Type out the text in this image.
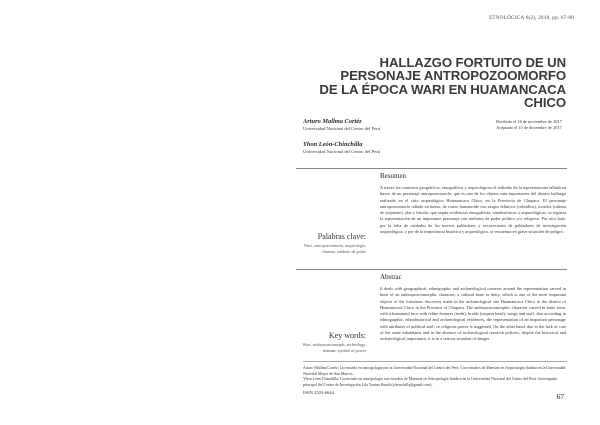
ETNOLÓGICA 6(2), 2018, pp. 67-80
HALLAZGO FORTUITO DE UN
PERSONAJE ANTROPOZOOMORFO
DE LA ÉPOCA WARI EN HUAMANCACA
CHICO
Arturo Mallma Cortéz
Universidad Nacional del Centro del Perú
Yhon León-Chinchilla
Universidad Nacional del Centro del Perú
Recibido el 16 de noviembre de 2017
Aceptado el 15 de diciembre de 2017
Resumen
A través los contextos geográficos, etnográficos y arqueológicos el rediseño de la representación tallada en hueso de un personaje antropozoomorfo, que es uno de los objetos más importantes del distrito hallazgo realizado en el sitio arqueológico Huamancaca Chico, en la Provincia de Chupaca. El personaje antropozoomorfo tallado en hueso, de rostro humanoide con rasgos felínicos (colmillos), tocados (cabeza de serpiente), alas y báculo; que según evidencias etnográficas, etnohistóricas y arqueológicas, se registra la representación de un importante personaje con atributos de poder político y/o religioso. Por otro lado, por la falta de cuidados de los nuevos pobladores y excavaciones de pobladores de investigación arqueológica, y por de la importancia histórica y arqueológica, se encuentra en grave situación de peligro.
Palabras clave:
Wari, antropozoomorfo, arqueología, chamán, símbolo de poder
Abstrac
It deals with geographical, ethnographic and archaeological contexts around the representation carved in bone of an anthropozoomorphic character, a cultural bone or deity, which is one of the most important objects of the fortuitous discovery made in the archaeological site Huamancaca Chico in the district of Huamancaca Chico in the Province of Chupaca. The anthropozoomorphic character carved in bone form, with a humanoid face with feline features (teeth), braids (serpent head), wings and staff; that according to ethnographic, ethnohistorical and archaeological evidences, the representation of an important personage with attributes of political and / or religious power is suggested. On the other hand, due to the lack of care of the same inhabitants and in the absence of archaeological research policies, despite the historical and archaeological importance, it is in a serious situation of danger.
Key words:
Wari, anthropozoomorph, archeology, shaman, symbol of power

Arturo Mallma Cortéz: Licenciado en antropología por la Universidad Nacional del Centro del Perú. Con estudios de Maestría en Arqueología Andina en la Universidad Nacional Mayor de San Marcos.

Yhon León-Chinchilla: Licenciado en antropología con estudios de Maestría en Antropología Jurídica en la Universidad Nacional del Centro del Perú. Investigador principal del Centro de Investigación Lila Yanina Kuash (yleonchilla@gmail.com).

ISSN 2523-6644	67
